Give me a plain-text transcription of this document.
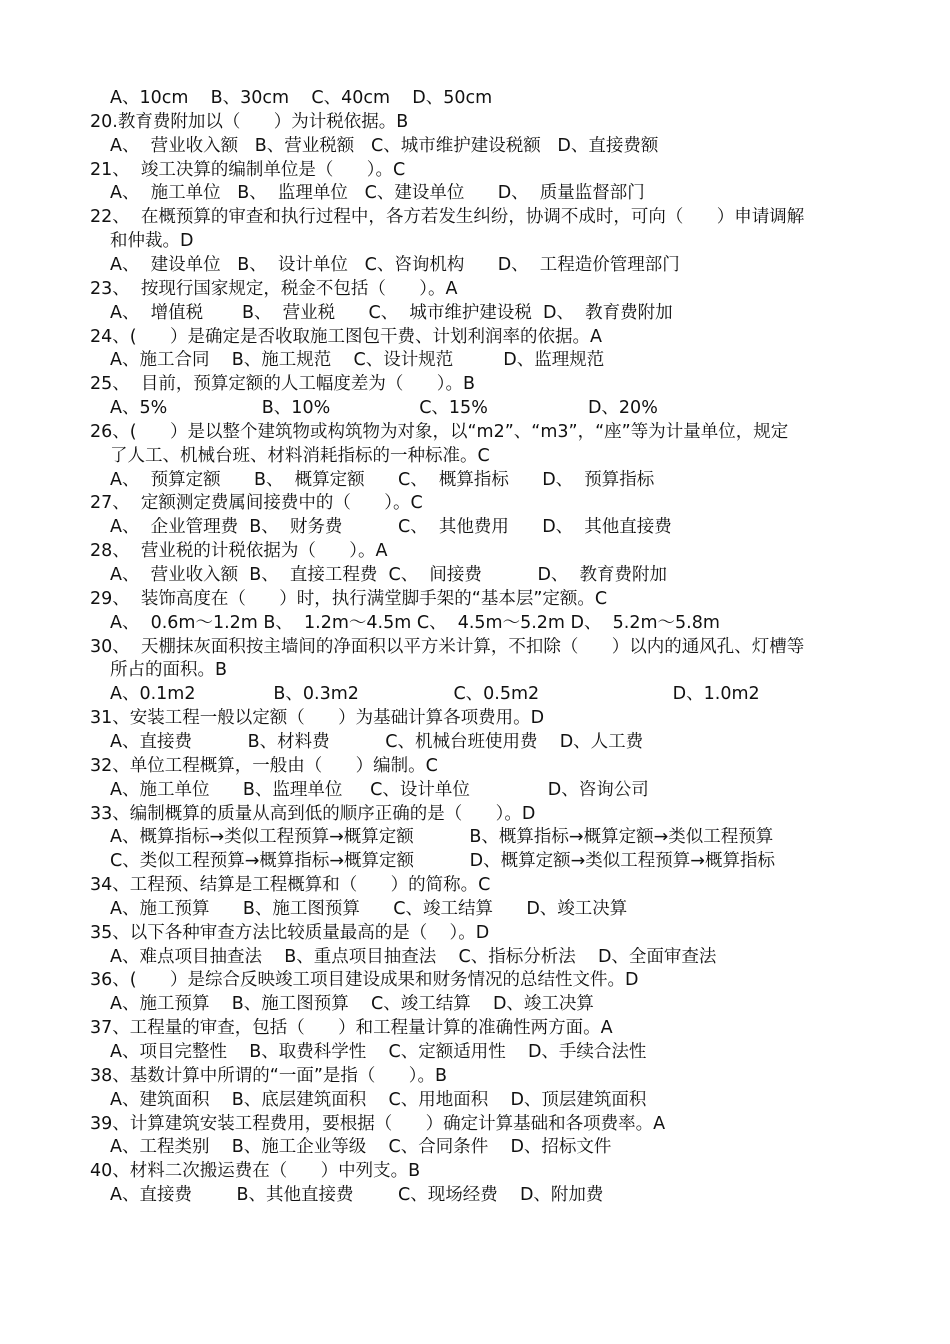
A、10cm    B、30cm    C、40cm    D、50cm
20.教育费附加以（      ）为计税依据。B
A、  营业收入额   B、营业税额   C、城市维护建设税额   D、直接费额
21、  竣工决算的编制单位是（      ）。C
A、  施工单位   B、  监理单位   C、建设单位      D、  质量监督部门
22、  在概预算的审查和执行过程中，各方若发生纠纷，协调不成时，可向（      ）申请调解
和仲裁。D
A、  建设单位   B、  设计单位   C、咨询机构      D、  工程造价管理部门
23、  按现行国家规定，税金不包括（      ）。A
A、  增值税       B、  营业税      C、  城市维护建设税  D、  教育费附加
24、(      ）是确定是否收取施工图包干费、计划利润率的依据。A
A、施工合同    B、施工规范    C、设计规范         D、监理规范
25、  目前，预算定额的人工幅度差为（      ）。B
A、5%                 B、10%                C、15%                  D、20%
26、(      ）是以整个建筑物或构筑物为对象，以“m2”、“m3”，“座”等为计量单位，规定
了人工、机械台班、材料消耗指标的一种标准。C
A、  预算定额      B、  概算定额      C、  概算指标      D、  预算指标
27、  定额测定费属间接费中的（      ）。C
A、  企业管理费  B、  财务费          C、  其他费用      D、  其他直接费
28、  营业税的计税依据为（      ）。A
A、  营业收入额  B、  直接工程费  C、  间接费          D、  教育费附加
29、  装饰高度在（      ）时，执行满堂脚手架的“基本层”定额。C
A、  0.6m～1.2m B、  1.2m～4.5m C、  4.5m～5.2m D、  5.2m～5.8m
30、  天棚抹灰面积按主墙间的净面积以平方米计算，不扣除（      ）以内的通风孔、灯槽等
所占的面积。B
A、0.1m2              B、0.3m2                 C、0.5m2                        D、1.0m2
31、安装工程一般以定额（      ）为基础计算各项费用。D
A、直接费          B、材料费          C、机械台班使用费    D、人工费
32、单位工程概算，一般由（      ）编制。C
A、施工单位      B、监理单位     C、设计单位              D、咨询公司
33、编制概算的质量从高到低的顺序正确的是（      ）。D
A、概算指标→类似工程预算→概算定额          B、概算指标→概算定额→类似工程预算
C、类似工程预算→概算指标→概算定额          D、概算定额→类似工程预算→概算指标
34、工程预、结算是工程概算和（      ）的简称。C
A、施工预算      B、施工图预算      C、竣工结算      D、竣工决算
35、以下各种审查方法比较质量最高的是（    ）。D
A、难点项目抽查法    B、重点项目抽查法    C、指标分析法    D、全面审查法
36、(      ）是综合反映竣工项目建设成果和财务情况的总结性文件。D
A、施工预算    B、施工图预算    C、竣工结算    D、竣工决算
37、工程量的审查，包括（      ）和工程量计算的准确性两方面。A
A、项目完整性    B、取费科学性    C、定额适用性    D、手续合法性
38、基数计算中所谓的“一面”是指（      ）。B
A、建筑面积    B、底层建筑面积    C、用地面积    D、顶层建筑面积
39、计算建筑安装工程费用，要根据（      ）确定计算基础和各项费率。A
A、工程类别    B、施工企业等级    C、合同条件    D、招标文件
40、材料二次搬运费在（      ）中列支。B
A、直接费        B、其他直接费        C、现场经费    D、附加费
